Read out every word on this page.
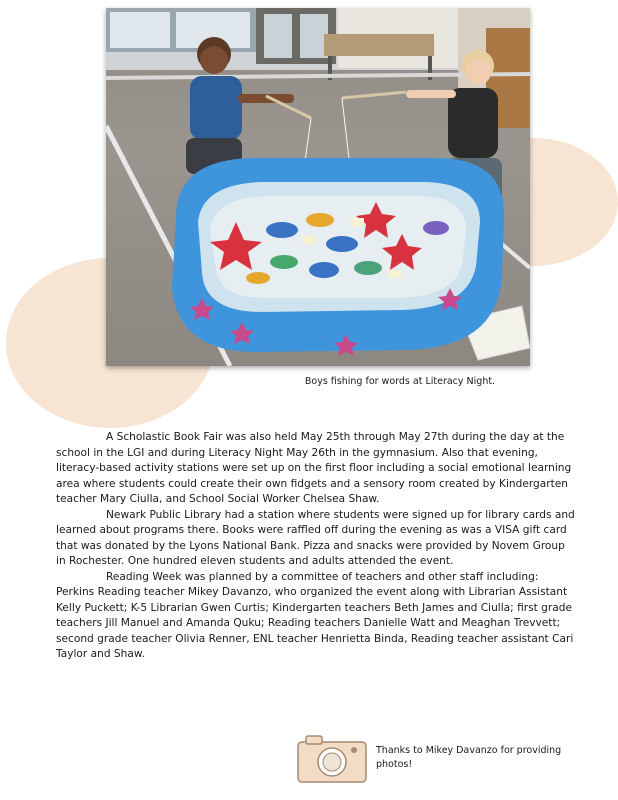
Boys fishing for words at Literacy Night.

A Scholastic Book Fair was also held May 25th through May 27th during the day at the school in the LGI and during Literacy Night May 26th in the gymnasium. Also that evening, literacy-based activity stations were set up on the first floor including a social emotional learning area where students could create their own fidgets and a sensory room created by Kindergarten teacher Mary Ciulla, and School Social Worker Chelsea Shaw.

Newark Public Library had a station where students were signed up for library cards and learned about programs there. Books were raffled off during the evening as was a VISA gift card that was donated by the Lyons National Bank. Pizza and snacks were provided by Novem Group in Rochester. One hundred eleven students and adults attended the event.

Reading Week was planned by a committee of teachers and other staff including: Perkins Reading teacher Mikey Davanzo, who organized the event along with Librarian Assistant Kelly Puckett; K-5 Librarian Gwen Curtis; Kindergarten teachers Beth James and Ciulla; first grade teachers Jill Manuel and Amanda Quku; Reading teachers Danielle Watt and Meaghan Trevvett; second grade teacher Olivia Renner, ENL teacher Henrietta Binda, Reading teacher assistant Cari Taylor and Shaw.

Thanks to Mikey Davanzo for providing photos!
